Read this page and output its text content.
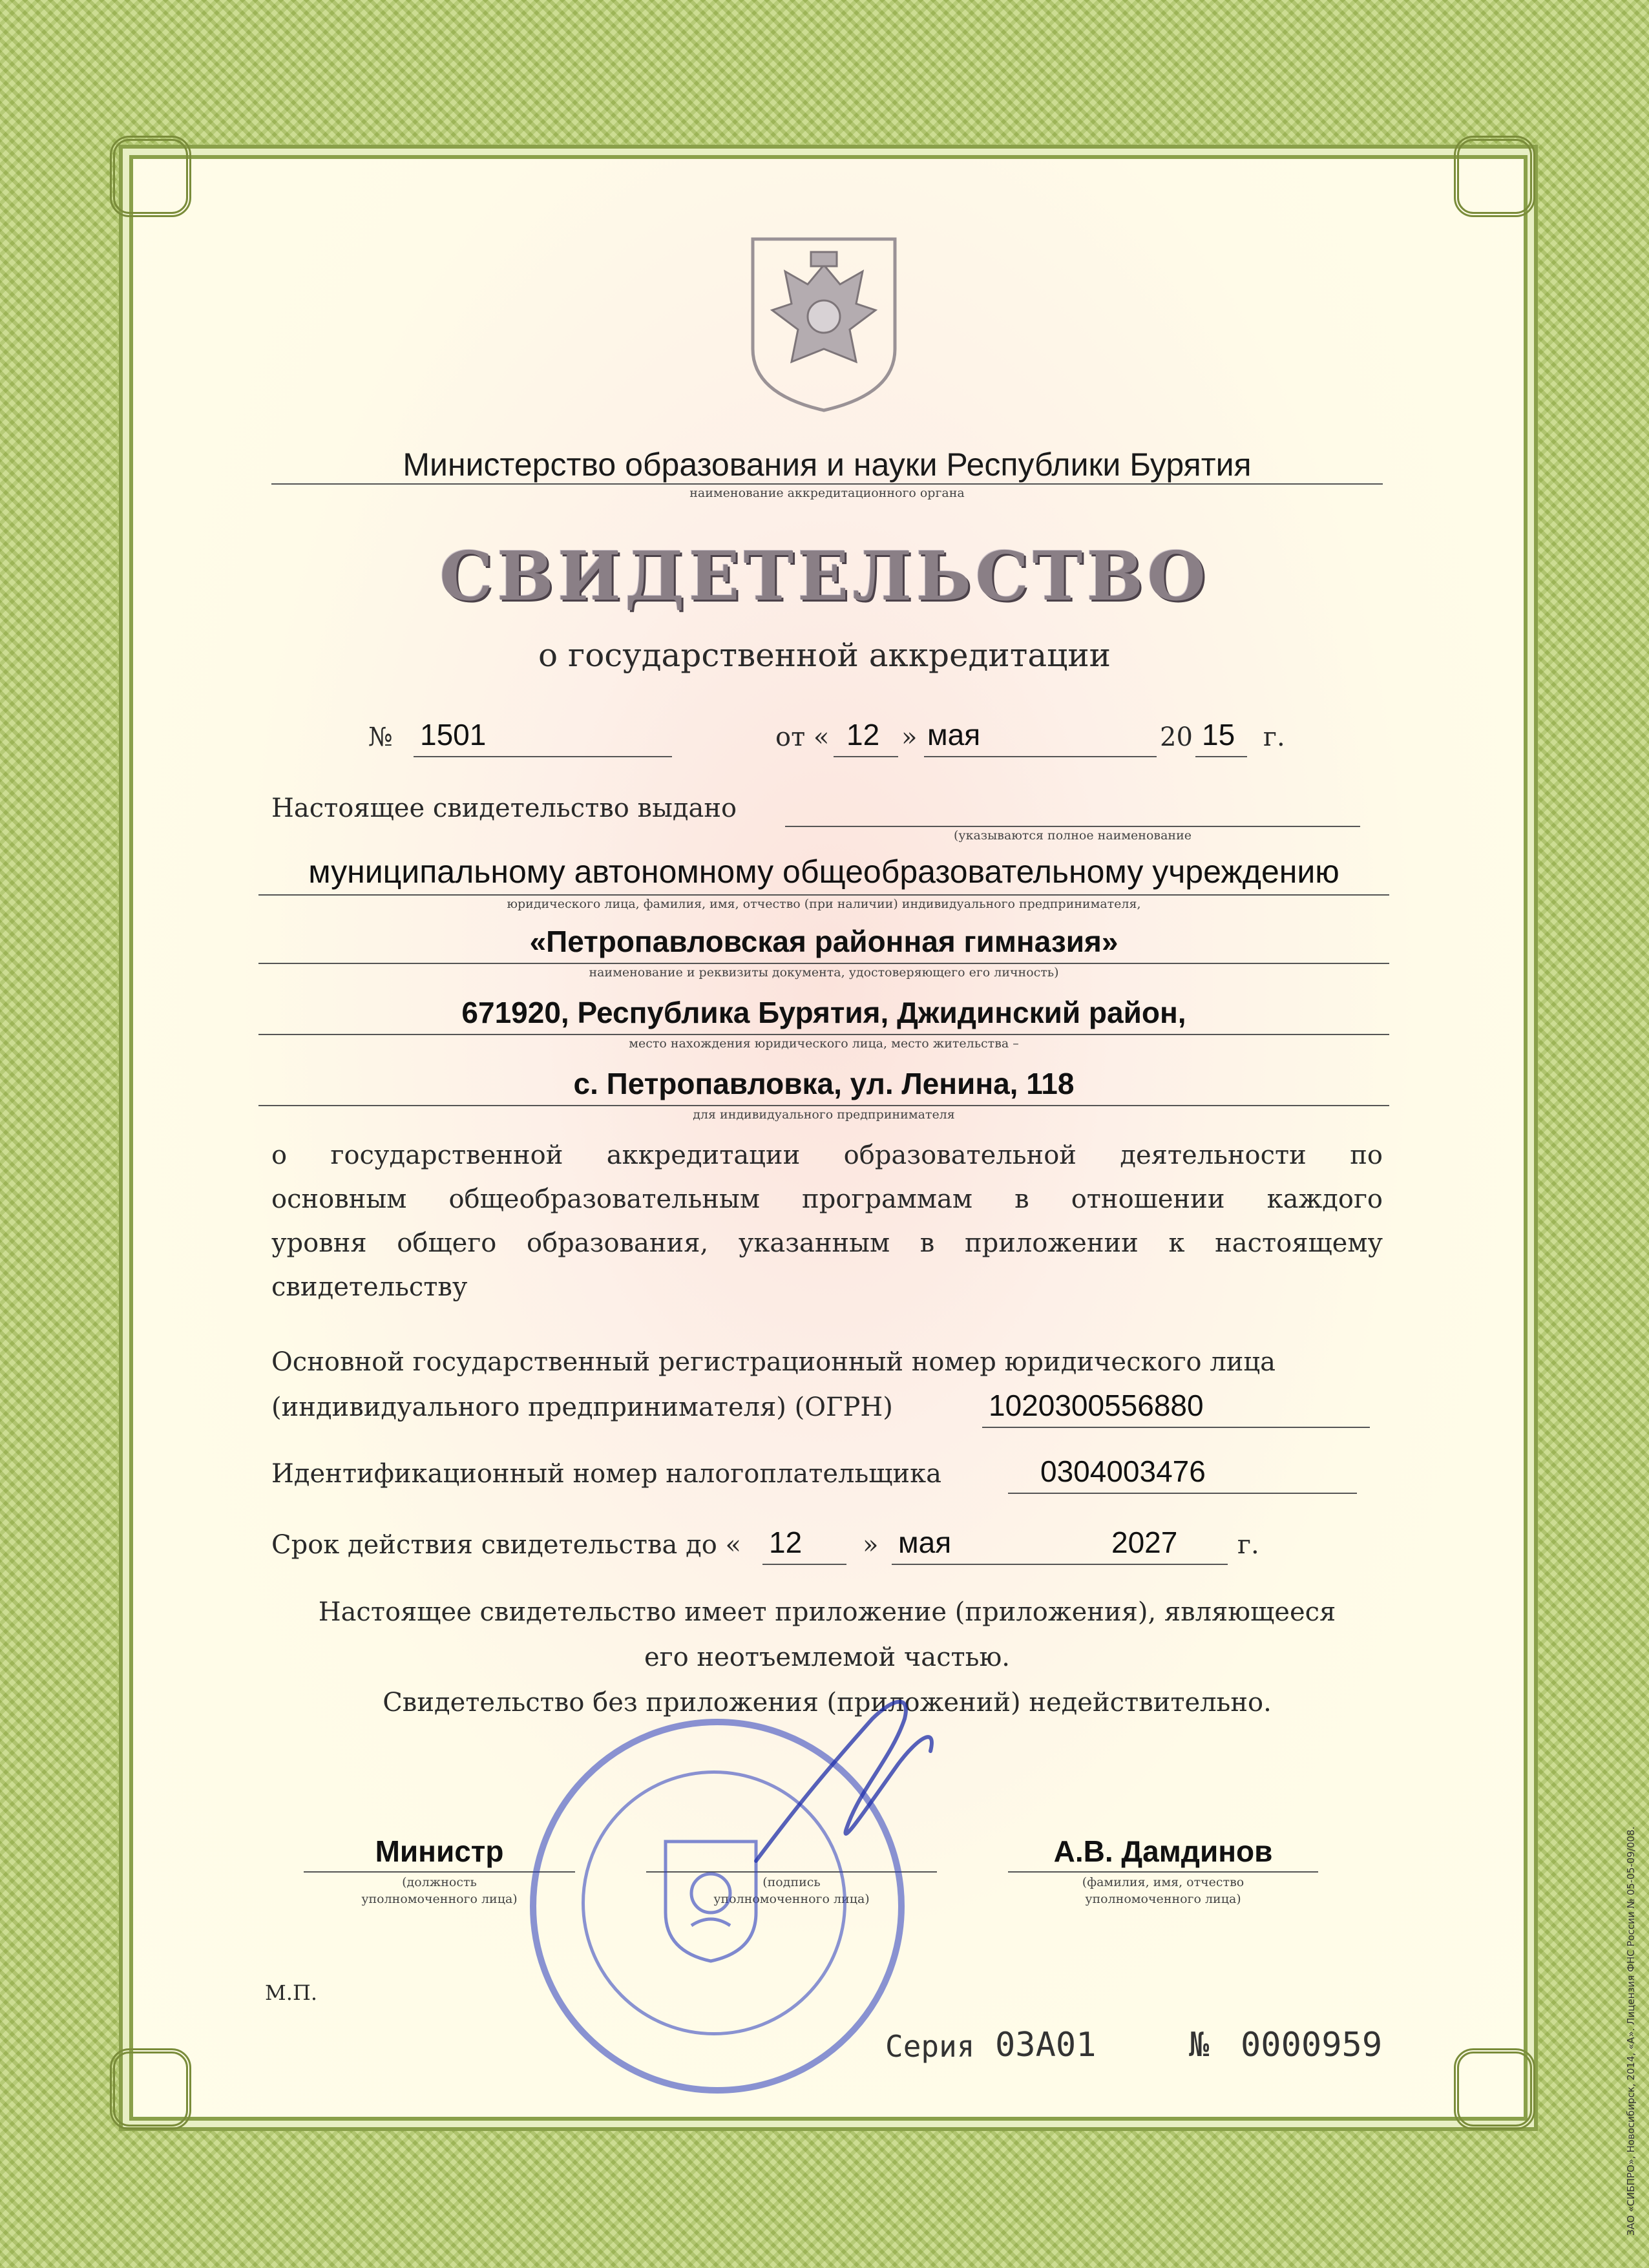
Министерство образования и науки Республики Бурятия
наименование аккредитационного органа
СВИДЕТЕЛЬСТВО
о государственной аккредитации
№ 1501	от « 12 » мая	20 15 г.
Настоящее свидетельство выдано
(указываются полное наименование
муниципальному автономному общеобразовательному учреждению
юридического лица, фамилия, имя, отчество (при наличии) индивидуального предпринимателя,
«Петропавловская районная гимназия»
наименование и реквизиты документа, удостоверяющего его личность)
671920, Республика Бурятия, Джидинский район,
место нахождения юридического лица, место жительства –
с. Петропавловка, ул. Ленина, 118
для индивидуального предпринимателя
о государственной аккредитации образовательной деятельности по
основным общеобразовательным программам в отношении каждого
уровня общего образования, указанным в приложении к настоящему
свидетельству
Основной государственный регистрационный номер юридического лица
(индивидуального предпринимателя) (ОГРН)	1020300556880
Идентификационный номер налогоплательщика	0304003476
Срок действия свидетельства до « 12 » мая	2027 г.
Настоящее свидетельство имеет приложение (приложения), являющееся
его неотъемлемой частью.
Свидетельство без приложения (приложений) недействительно.
Министр
(должность
уполномоченного лица)
(подпись
уполномоченного лица)
А.В. Дамдинов
(фамилия, имя, отчество
уполномоченного лица)
М.П.
Серия 03А01	№ 0000959	ЗАО «СИБПРО», Новосибирск, 2014, «А». Лицензия ФНС России № 05-05-09/008.
